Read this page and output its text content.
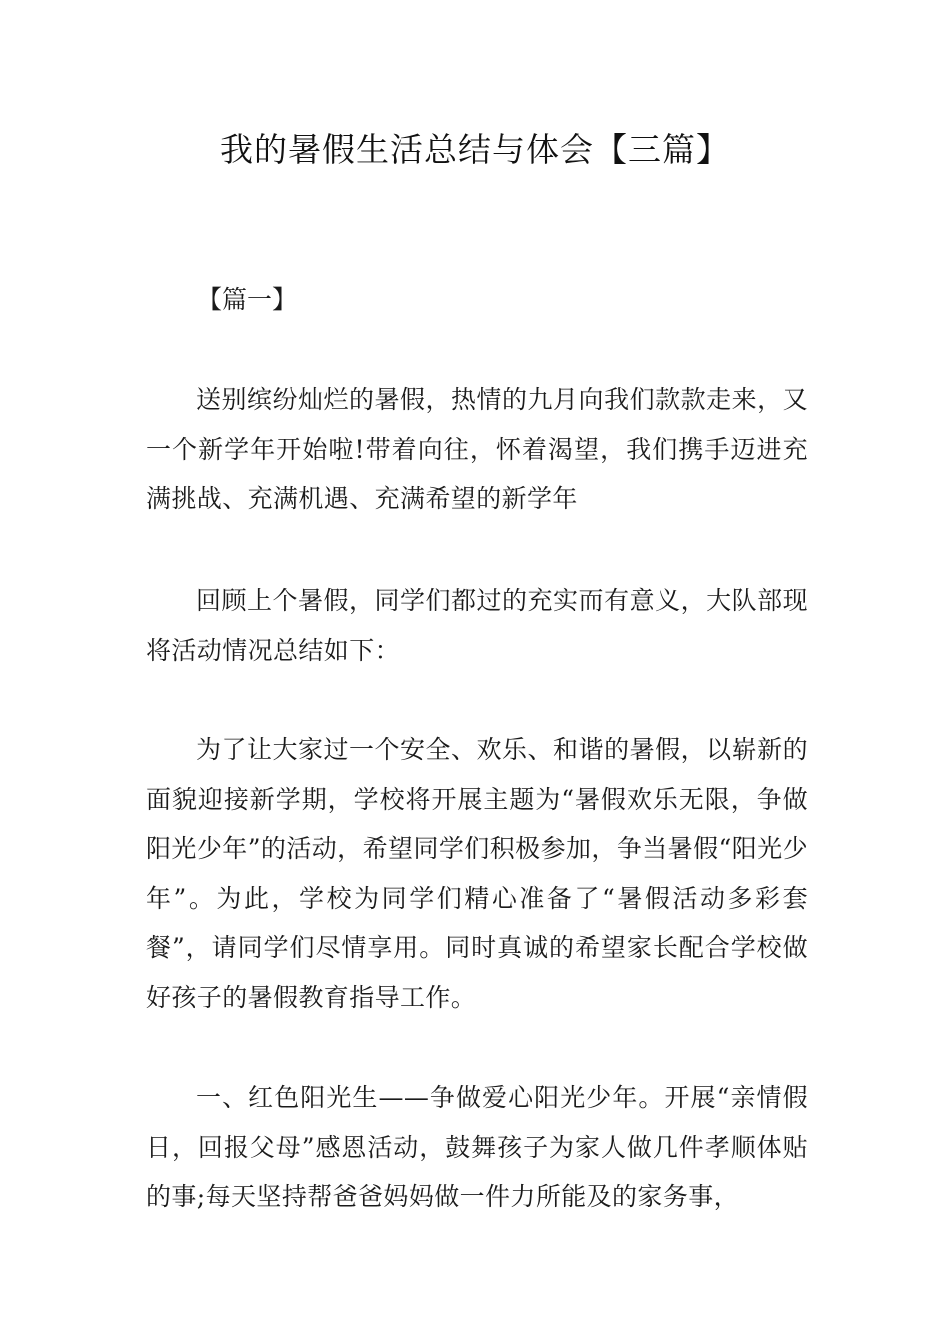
我的暑假生活总结与体会【三篇】

【篇一】

送别缤纷灿烂的暑假，热情的九月向我们款款走来，又一个新学年开始啦!带着向往，怀着渴望，我们携手迈进充满挑战、充满机遇、充满希望的新学年

回顾上个暑假，同学们都过的充实而有意义，大队部现将活动情况总结如下：

为了让大家过一个安全、欢乐、和谐的暑假，以崭新的面貌迎接新学期，学校将开展主题为“暑假欢乐无限，争做阳光少年”的活动，希望同学们积极参加，争当暑假“阳光少年”。为此，学校为同学们精心准备了“暑假活动多彩套餐”，请同学们尽情享用。同时真诚的希望家长配合学校做好孩子的暑假教育指导工作。

一、红色阳光生——争做爱心阳光少年。开展“亲情假日，回报父母”感恩活动，鼓舞孩子为家人做几件孝顺体贴的事;每天坚持帮爸爸妈妈做一件力所能及的家务事，
